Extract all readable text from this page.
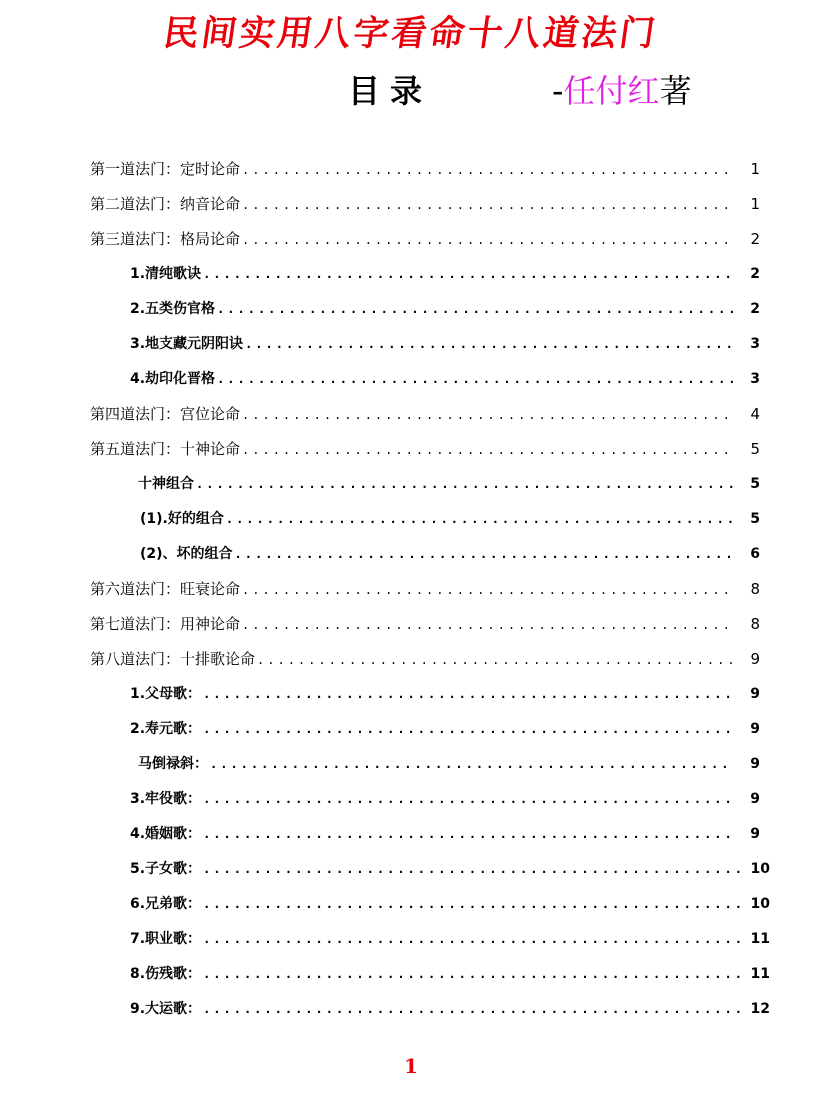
民间实用八字看命十八道法门
目录	-任付红著
第一道法门：定时论命 .....	1
第二道法门：纳音论命 .....	1
第三道法门：格局论命 .....	2
1.清纯歌诀 .....	2
2.五类伤官格 .....	2
3.地支藏元阴阳诀 .....	3
4.劫印化晋格 .....	3
第四道法门：宫位论命 .....	4
第五道法门：十神论命 .....	5
十神组合 .....	5
(1).好的组合 .....	5
(2)、坏的组合 .....	6
第六道法门：旺衰论命 .....	8
第七道法门：用神论命 .....	8
第八道法门：十排歌论命 .....	9
1.父母歌： .....	9
2.寿元歌： .....	9
马倒禄斜： .....	9
3.牢役歌： .....	9
4.婚姻歌： .....	9
5.子女歌： .....	10
6.兄弟歌： .....	10
7.职业歌： .....	11
8.伤残歌： .....	11
9.大运歌： .....	12
1
